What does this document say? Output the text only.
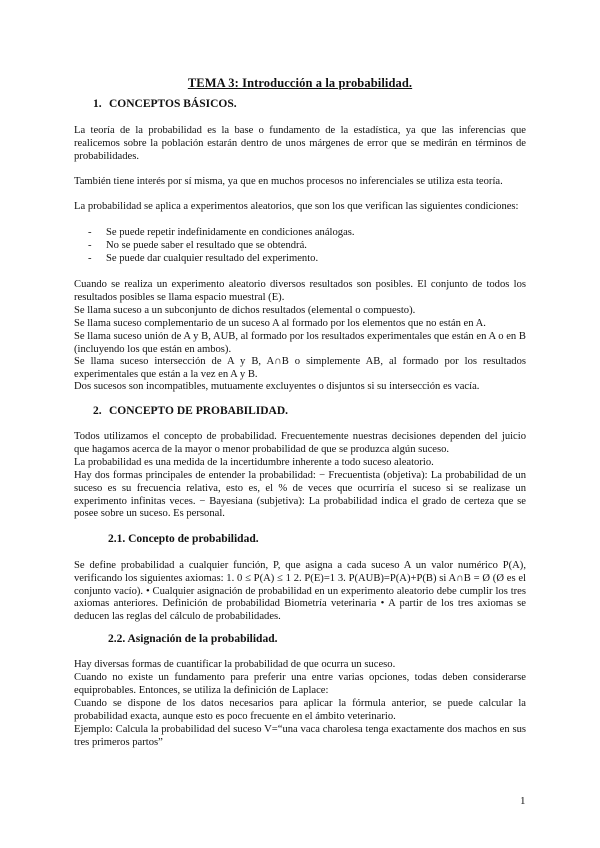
TEMA 3: Introducción a la probabilidad.
1. CONCEPTOS BÁSICOS.

La teoría de la probabilidad es la base o fundamento de la estadística, ya que las inferencias que realicemos sobre la población estarán dentro de unos márgenes de error que se medirán en términos de probabilidades.

También tiene interés por sí misma, ya que en muchos procesos no inferenciales se utiliza esta teoría.

La probabilidad se aplica a experimentos aleatorios, que son los que verifican las siguientes condiciones:

- Se puede repetir indefinidamente en condiciones análogas.
- No se puede saber el resultado que se obtendrá.
- Se puede dar cualquier resultado del experimento.

Cuando se realiza un experimento aleatorio diversos resultados son posibles. El conjunto de todos los resultados posibles se llama espacio muestral (E).

Se llama suceso a un subconjunto de dichos resultados (elemental o compuesto).

Se llama suceso complementario de un suceso A al formado por los elementos que no están en A.

Se llama suceso unión de A y B, AUB, al formado por los resultados experimentales que están en A o en B (incluyendo los que están en ambos).

Se llama suceso intersección de A y B, A∩B o simplemente AB, al formado por los resultados experimentales que están a la vez en A y B.

Dos sucesos son incompatibles, mutuamente excluyentes o disjuntos si su intersección es vacía.

2. CONCEPTO DE PROBABILIDAD.

Todos utilizamos el concepto de probabilidad. Frecuentemente nuestras decisiones dependen del juicio que hagamos acerca de la mayor o menor probabilidad de que se produzca algún suceso.

La probabilidad es una medida de la incertidumbre inherente a todo suceso aleatorio.

Hay dos formas principales de entender la probabilidad: − Frecuentista (objetiva): La probabilidad de un suceso es su frecuencia relativa, esto es, el % de veces que ocurriría el suceso si se realizase un experimento infinitas veces. − Bayesiana (subjetiva): La probabilidad indica el grado de certeza que se posee sobre un suceso. Es personal.

2.1. Concepto de probabilidad.

Se define probabilidad a cualquier función, P, que asigna a cada suceso A un valor numérico P(A), verificando los siguientes axiomas: 1. 0 ≤ P(A) ≤ 1 2. P(E)=1 3. P(AUB)=P(A)+P(B) si A∩B = Ø (Ø es el conjunto vacío). • Cualquier asignación de probabilidad en un experimento aleatorio debe cumplir los tres axiomas anteriores. Definición de probabilidad Biometría veterinaria • A partir de los tres axiomas se deducen las reglas del cálculo de probabilidades.

2.2. Asignación de la probabilidad.

Hay diversas formas de cuantificar la probabilidad de que ocurra un suceso.

Cuando no existe un fundamento para preferir una entre varias opciones, todas deben considerarse equiprobables. Entonces, se utiliza la definición de Laplace:

Cuando se dispone de los datos necesarios para aplicar la fórmula anterior, se puede calcular la probabilidad exacta, aunque esto es poco frecuente en el ámbito veterinario.

Ejemplo: Calcula la probabilidad del suceso V=“una vaca charolesa tenga exactamente dos machos en sus tres primeros partos”

1
